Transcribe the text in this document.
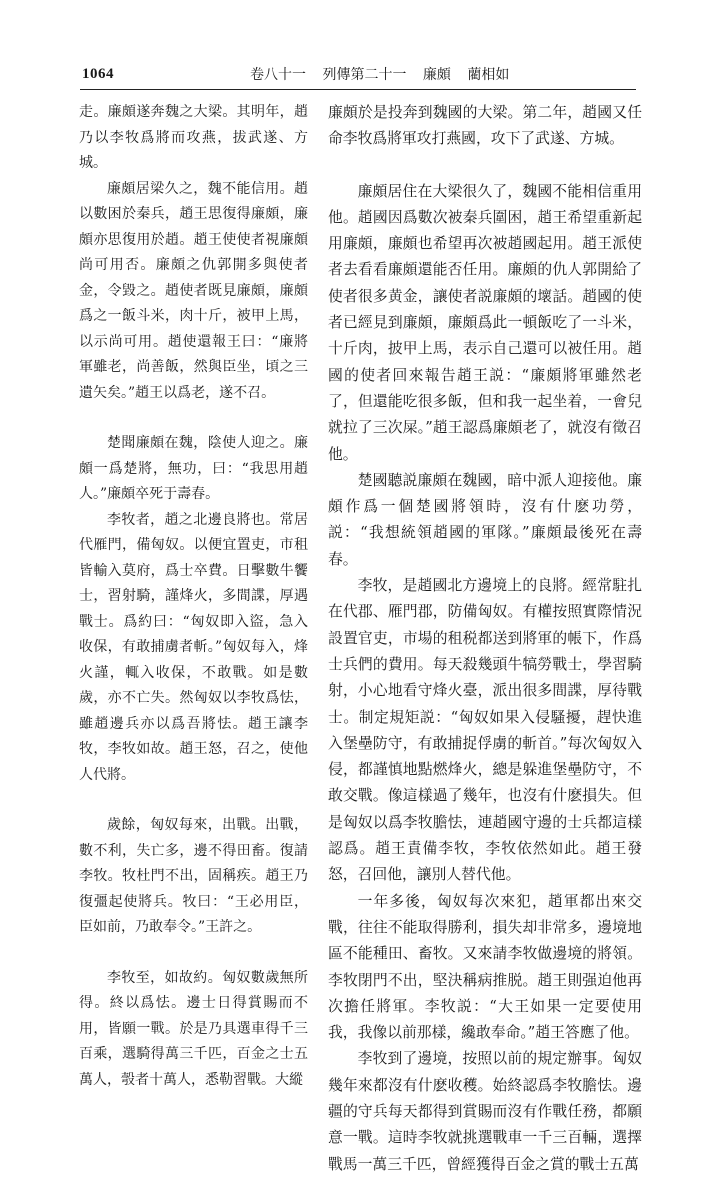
1064	卷八十一 列傳第二十一 廉頗 藺相如

走。廉頗遂奔魏之大梁。其明年，趙乃以李牧爲將而攻燕，拔武遂、方城。

廉頗居梁久之，魏不能信用。趙以數困於秦兵，趙王思復得廉頗，廉頗亦思復用於趙。趙王使使者視廉頗尚可用否。廉頗之仇郭開多與使者金，令毀之。趙使者既見廉頗，廉頗爲之一飯斗米，肉十斤，被甲上馬，以示尚可用。趙使還報王曰：“廉將軍雖老，尚善飯，然與臣坐，頃之三遺矢矣。”趙王以爲老，遂不召。

楚聞廉頗在魏，陰使人迎之。廉頗一爲楚將，無功，曰：“我思用趙人。”廉頗卒死于壽春。

李牧者，趙之北邊良將也。常居代雁門，備匈奴。以便宜置吏，市租皆輸入莫府，爲士卒費。日擊數牛饗士，習射騎，謹烽火，多間諜，厚遇戰士。爲約曰：“匈奴即入盜，急入收保，有敢捕虜者斬。”匈奴每入，烽火謹，輒入收保，不敢戰。如是數歲，亦不亡失。然匈奴以李牧爲怯，雖趙邊兵亦以爲吾將怯。趙王讓李牧，李牧如故。趙王怒，召之，使他人代將。

歲餘，匈奴每來，出戰。出戰，數不利，失亡多，邊不得田畜。復請李牧。牧杜門不出，固稱疾。趙王乃復彊起使將兵。牧曰：“王必用臣，臣如前，乃敢奉令。”王許之。

李牧至，如故約。匈奴數歲無所得。終以爲怯。邊士日得賞賜而不用，皆願一戰。於是乃具選車得千三百乘，選騎得萬三千匹，百金之士五萬人，彀者十萬人，悉勒習戰。大縱

廉頗於是投奔到魏國的大梁。第二年，趙國又任命李牧爲將軍攻打燕國，攻下了武遂、方城。

廉頗居住在大梁很久了，魏國不能相信重用他。趙國因爲數次被秦兵圍困，趙王希望重新起用廉頗，廉頗也希望再次被趙國起用。趙王派使者去看看廉頗還能否任用。廉頗的仇人郭開給了使者很多黄金，讓使者説廉頗的壞話。趙國的使者已經見到廉頗，廉頗爲此一頓飯吃了一斗米，十斤肉，披甲上馬，表示自己還可以被任用。趙國的使者回來報告趙王説：“廉頗將軍雖然老了，但還能吃很多飯，但和我一起坐着，一會兒就拉了三次屎。”趙王認爲廉頗老了，就沒有徵召他。

楚國聽説廉頗在魏國，暗中派人迎接他。廉頗作爲一個楚國將領時，沒有什麽功勞，説：“我想統領趙國的軍隊。”廉頗最後死在壽春。

李牧，是趙國北方邊境上的良將。經常駐扎在代郡、雁門郡，防備匈奴。有權按照實際情況設置官吏，市場的租税都送到將軍的帳下，作爲士兵們的費用。每天殺幾頭牛犒勞戰士，學習騎射，小心地看守烽火臺，派出很多間諜，厚待戰士。制定規矩説：“匈奴如果入侵騷擾，趕快進入堡壘防守，有敢捕捉俘虜的斬首。”每次匈奴入侵，都謹慎地點燃烽火，總是躲進堡壘防守，不敢交戰。像這樣過了幾年，也沒有什麽損失。但是匈奴以爲李牧膽怯，連趙國守邊的士兵都這樣認爲。趙王責備李牧，李牧依然如此。趙王發怒，召回他，讓別人替代他。

一年多後，匈奴每次來犯，趙軍都出來交戰，往往不能取得勝利，損失却非常多，邊境地區不能種田、畜牧。又來請李牧做邊境的將領。李牧閉門不出，堅決稱病推脱。趙王則强迫他再次擔任將軍。李牧説：“大王如果一定要使用我，我像以前那樣，纔敢奉命。”趙王答應了他。

李牧到了邊境，按照以前的規定辦事。匈奴幾年來都沒有什麽收穫。始終認爲李牧膽怯。邊疆的守兵每天都得到賞賜而沒有作戰任務，都願意一戰。這時李牧就挑選戰車一千三百輛，選擇戰馬一萬三千匹，曾經獲得百金之賞的戰士五萬
